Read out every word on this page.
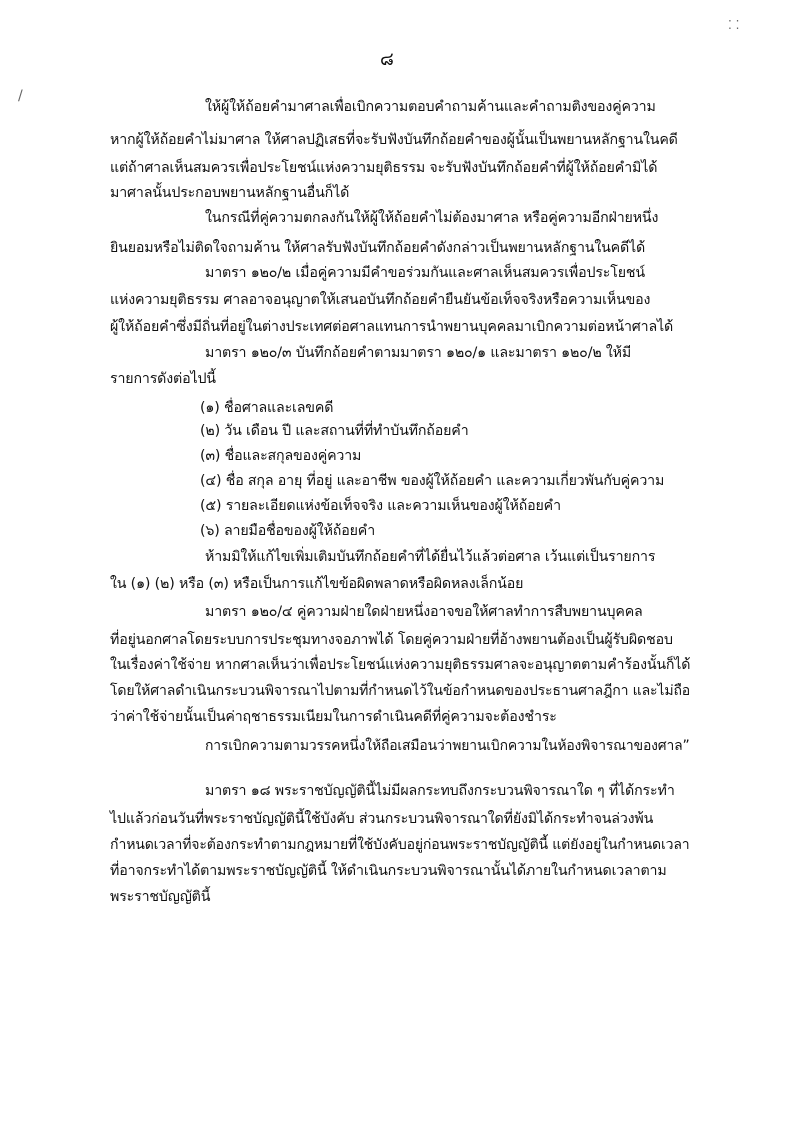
/
⁚ ⁚
๘
ให้ผู้ให้ถ้อยคำมาศาลเพื่อเบิกความตอบคำถามค้านและคำถามติงของคู่ความ
หากผู้ให้ถ้อยคำไม่มาศาล ให้ศาลปฏิเสธที่จะรับฟังบันทึกถ้อยคำของผู้นั้นเป็นพยานหลักฐานในคดี
แต่ถ้าศาลเห็นสมควรเพื่อประโยชน์แห่งความยุติธรรม จะรับฟังบันทึกถ้อยคำที่ผู้ให้ถ้อยคำมิได้
มาศาลนั้นประกอบพยานหลักฐานอื่นก็ได้
ในกรณีที่คู่ความตกลงกันให้ผู้ให้ถ้อยคำไม่ต้องมาศาล หรือคู่ความอีกฝ่ายหนึ่ง
ยินยอมหรือไม่ติดใจถามค้าน ให้ศาลรับฟังบันทึกถ้อยคำดังกล่าวเป็นพยานหลักฐานในคดีได้
มาตรา ๑๒๐/๒ เมื่อคู่ความมีคำขอร่วมกันและศาลเห็นสมควรเพื่อประโยชน์
แห่งความยุติธรรม ศาลอาจอนุญาตให้เสนอบันทึกถ้อยคำยืนยันข้อเท็จจริงหรือความเห็นของ
ผู้ให้ถ้อยคำซึ่งมีถิ่นที่อยู่ในต่างประเทศต่อศาลแทนการนำพยานบุคคลมาเบิกความต่อหน้าศาลได้
มาตรา ๑๒๐/๓ บันทึกถ้อยคำตามมาตรา ๑๒๐/๑ และมาตรา ๑๒๐/๒ ให้มี
รายการดังต่อไปนี้
(๑) ชื่อศาลและเลขคดี
(๒) วัน เดือน ปี และสถานที่ที่ทำบันทึกถ้อยคำ
(๓) ชื่อและสกุลของคู่ความ
(๔) ชื่อ สกุล อายุ ที่อยู่ และอาชีพ ของผู้ให้ถ้อยคำ และความเกี่ยวพันกับคู่ความ
(๕) รายละเอียดแห่งข้อเท็จจริง และความเห็นของผู้ให้ถ้อยคำ
(๖) ลายมือชื่อของผู้ให้ถ้อยคำ
ห้ามมิให้แก้ไขเพิ่มเติมบันทึกถ้อยคำที่ได้ยื่นไว้แล้วต่อศาล เว้นแต่เป็นรายการ
ใน (๑) (๒) หรือ (๓) หรือเป็นการแก้ไขข้อผิดพลาดหรือผิดหลงเล็กน้อย
มาตรา ๑๒๐/๔ คู่ความฝ่ายใดฝ่ายหนึ่งอาจขอให้ศาลทำการสืบพยานบุคคล
ที่อยู่นอกศาลโดยระบบการประชุมทางจอภาพได้ โดยคู่ความฝ่ายที่อ้างพยานต้องเป็นผู้รับผิดชอบ
ในเรื่องค่าใช้จ่าย หากศาลเห็นว่าเพื่อประโยชน์แห่งความยุติธรรมศาลจะอนุญาตตามคำร้องนั้นก็ได้
โดยให้ศาลดำเนินกระบวนพิจารณาไปตามที่กำหนดไว้ในข้อกำหนดของประธานศาลฎีกา และไม่ถือ
ว่าค่าใช้จ่ายนั้นเป็นค่าฤชาธรรมเนียมในการดำเนินคดีที่คู่ความจะต้องชำระ
การเบิกความตามวรรคหนึ่งให้ถือเสมือนว่าพยานเบิกความในห้องพิจารณาของศาล”
มาตรา ๑๘ พระราชบัญญัตินี้ไม่มีผลกระทบถึงกระบวนพิจารณาใด ๆ ที่ได้กระทำ
ไปแล้วก่อนวันที่พระราชบัญญัตินี้ใช้บังคับ ส่วนกระบวนพิจารณาใดที่ยังมิได้กระทำจนล่วงพ้น
กำหนดเวลาที่จะต้องกระทำตามกฎหมายที่ใช้บังคับอยู่ก่อนพระราชบัญญัตินี้ แต่ยังอยู่ในกำหนดเวลา
ที่อาจกระทำได้ตามพระราชบัญญัตินี้ ให้ดำเนินกระบวนพิจารณานั้นได้ภายในกำหนดเวลาตาม
พระราชบัญญัตินี้
